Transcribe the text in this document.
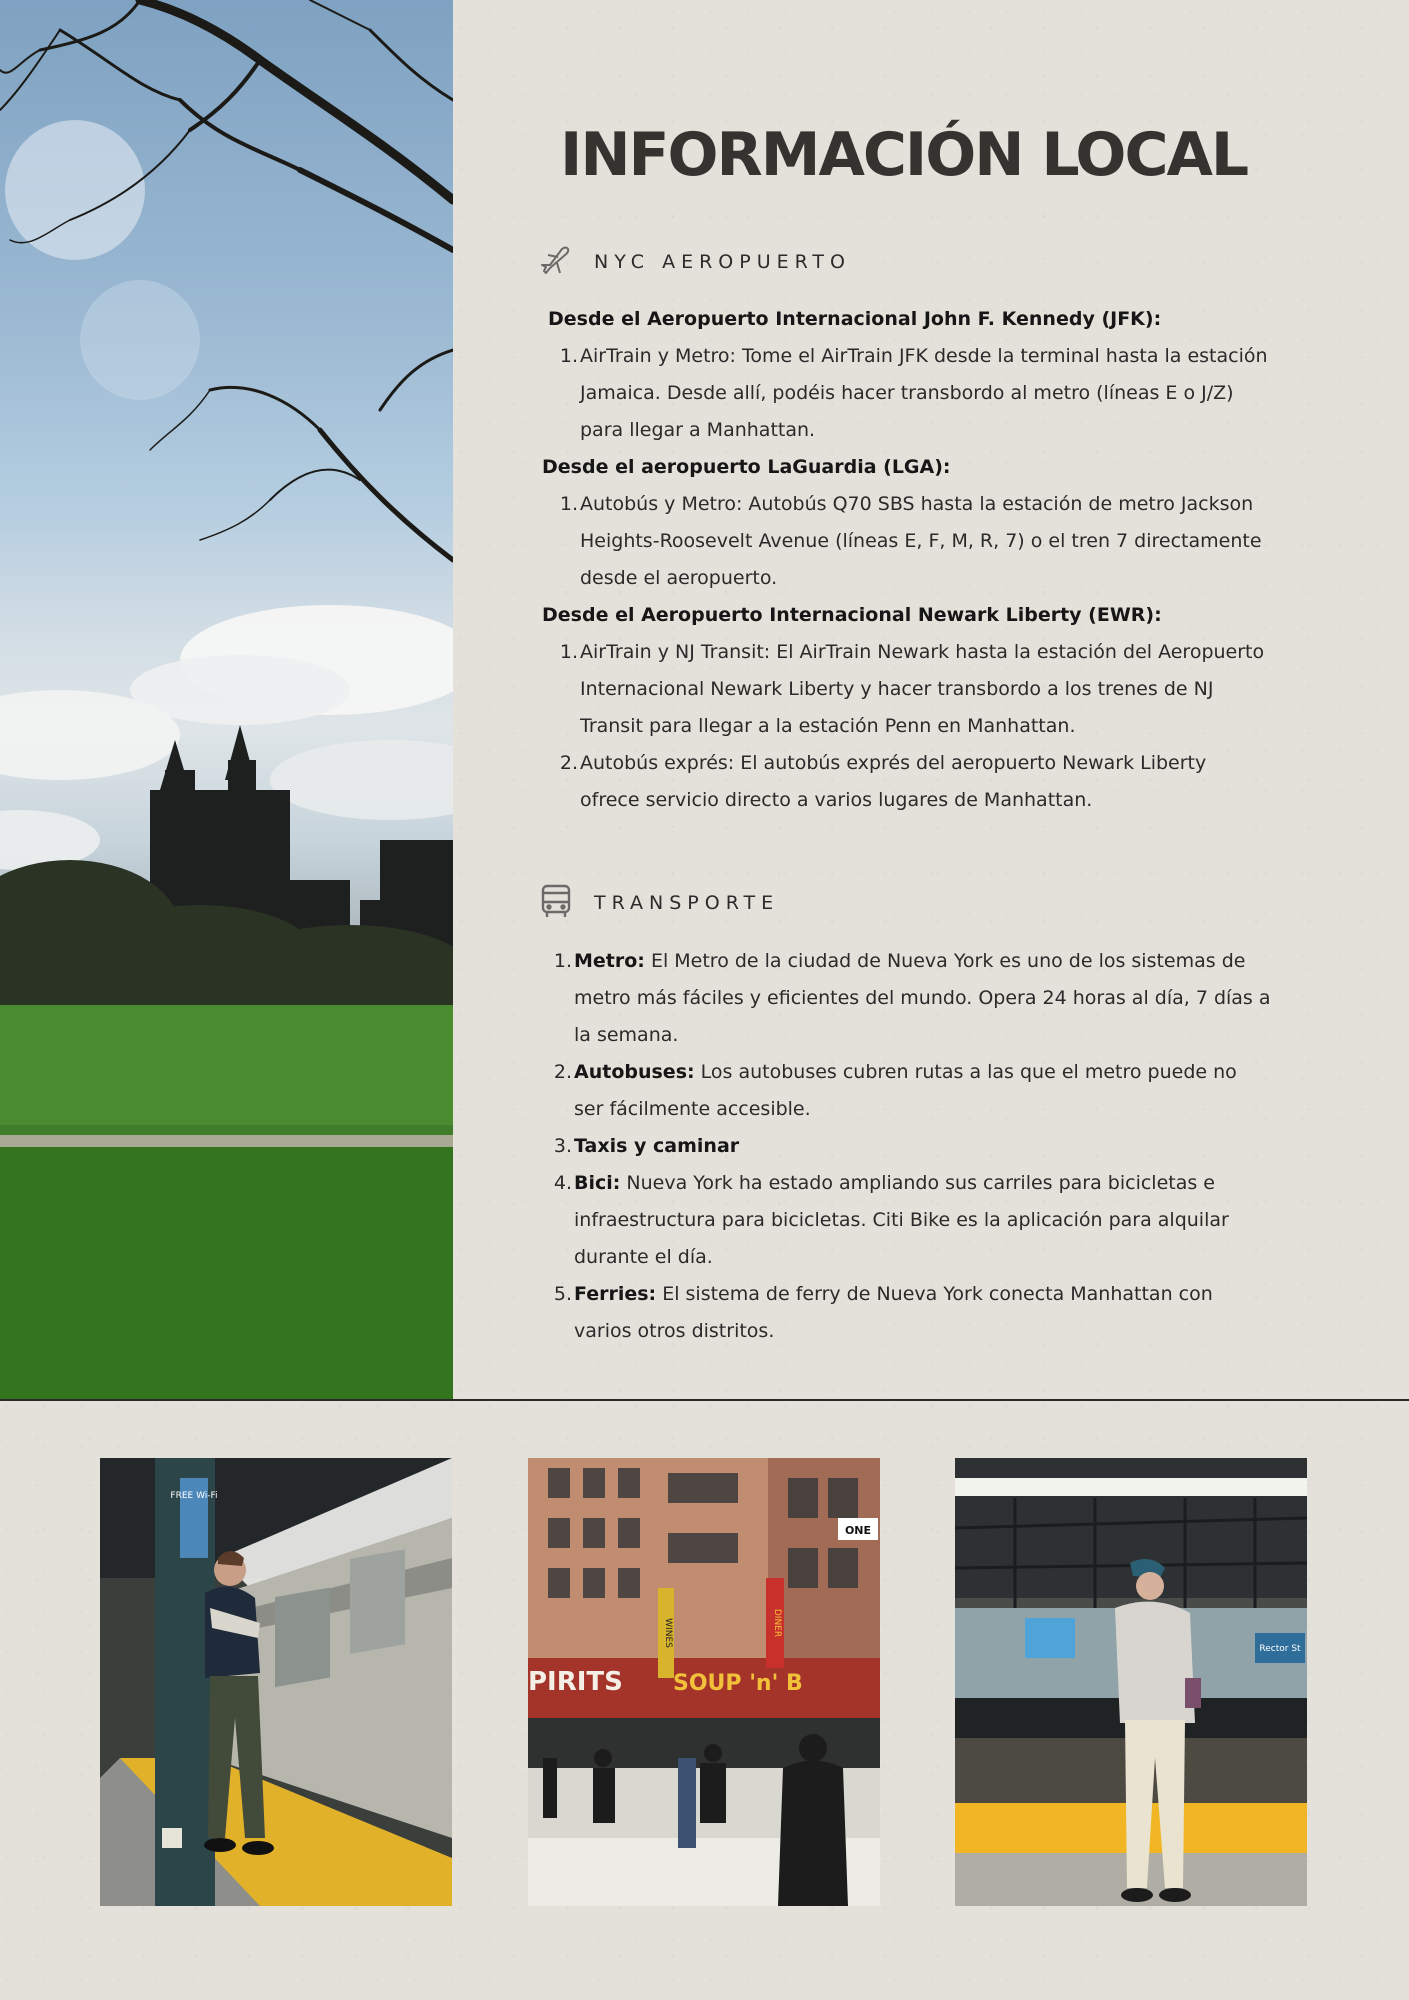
INFORMACIÓN LOCAL
NYC AEROPUERTO
Desde el Aeropuerto Internacional John F. Kennedy (JFK):
1. AirTrain y Metro: Tome el AirTrain JFK desde la terminal hasta la estación Jamaica. Desde allí, podéis hacer transbordo al metro (líneas E o J/Z) para llegar a Manhattan.
Desde el aeropuerto LaGuardia (LGA):
1. Autobús y Metro: Autobús Q70 SBS hasta la estación de metro Jackson Heights-Roosevelt Avenue (líneas E, F, M, R, 7) o el tren 7 directamente desde el aeropuerto.
Desde el Aeropuerto Internacional Newark Liberty (EWR):
1. AirTrain y NJ Transit: El AirTrain Newark hasta la estación del Aeropuerto Internacional Newark Liberty y hacer transbordo a los trenes de NJ Transit para llegar a la estación Penn en Manhattan.
2. Autobús exprés: El autobús exprés del aeropuerto Newark Liberty ofrece servicio directo a varios lugares de Manhattan.
TRANSPORTE
1. Metro: El Metro de la ciudad de Nueva York es uno de los sistemas de metro más fáciles y eficientes del mundo. Opera 24 horas al día, 7 días a la semana.
2. Autobuses: Los autobuses cubren rutas a las que el metro puede no ser fácilmente accesible.
3. Taxis y caminar
4. Bici: Nueva York ha estado ampliando sus carriles para bicicletas e infraestructura para bicicletas. Citi Bike es la aplicación para alquilar durante el día.
5. Ferries: El sistema de ferry de Nueva York conecta Manhattan con varios otros distritos.
FREE Wi-Fi
ONE
WINES	DINER
PIRITS SOUP 'n' B
Rector St
